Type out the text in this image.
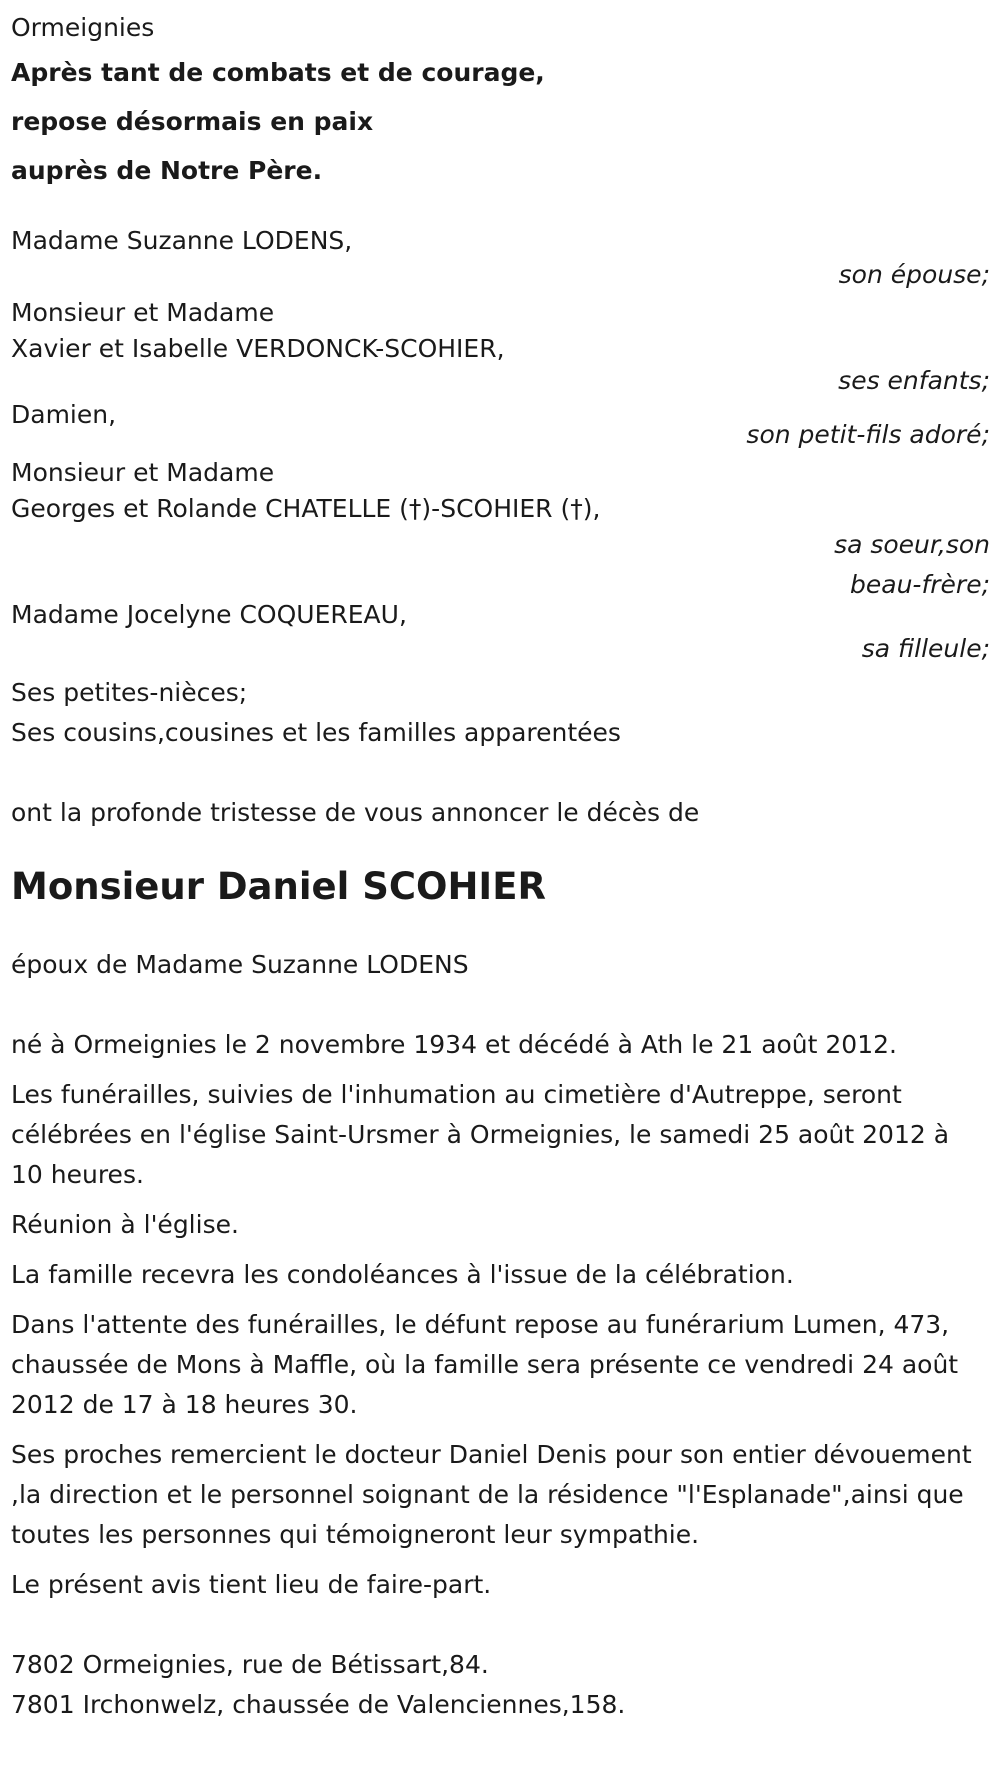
Ormeignies
Après tant de combats et de courage,
repose désormais en paix
auprès de Notre Père.
Madame Suzanne LODENS,
son épouse;
Monsieur et Madame
Xavier et Isabelle VERDONCK-SCOHIER,
ses enfants;
Damien,
son petit-fils adoré;
Monsieur et Madame
Georges et Rolande CHATELLE (†)-SCOHIER (†),
sa soeur,son
beau-frère;
Madame Jocelyne COQUEREAU,
sa filleule;
Ses petites-nièces;
Ses cousins,cousines et les familles apparentées
ont la profonde tristesse de vous annoncer le décès de
Monsieur Daniel SCOHIER
époux de Madame Suzanne LODENS

né à Ormeignies le 2 novembre 1934 et décédé à Ath le 21 août 2012.

Les funérailles, suivies de l'inhumation au cimetière d'Autreppe, seront célébrées en l'église Saint-Ursmer à Ormeignies, le samedi 25 août 2012 à 10 heures.

Réunion à l'église.

La famille recevra les condoléances à l'issue de la célébration.

Dans l'attente des funérailles, le défunt repose au funérarium Lumen, 473, chaussée de Mons à Maffle, où la famille sera présente ce vendredi 24 août 2012 de 17 à 18 heures 30.

Ses proches remercient le docteur Daniel Denis pour son entier dévouement ,la direction et le personnel soignant de la résidence "l'Esplanade",ainsi que toutes les personnes qui témoigneront leur sympathie.

Le présent avis tient lieu de faire-part.

7802 Ormeignies, rue de Bétissart,84.
7801 Irchonwelz, chaussée de Valenciennes,158.
